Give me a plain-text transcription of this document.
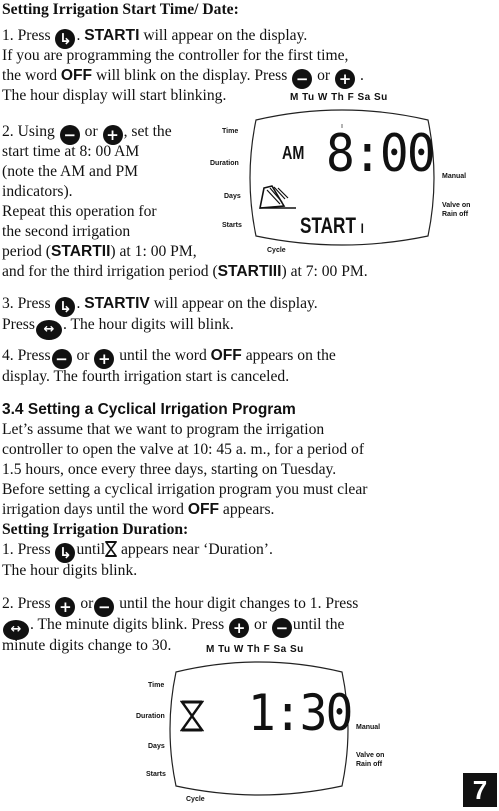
Setting Irrigation Start Time/ Date:
1. Press ↳ . STARTI will appear on the display.
If you are programming the controller for the first time,
the word OFF will blink on the display. Press − or + .
The hour display will start blinking.	M Tu W Th F Sa Su
2. Using − or + , set the
start time at 8: 00 AM
(note the AM and PM
indicators).
Repeat this operation for
the second irrigation
period (STARTII) at 1: 00 PM,
and for the third irrigation period (STARTIII) at 7: 00 PM.
Time
Duration
Days
Starts
Cycle
Manual
Valve on
Rain off
AM 8:00
START I
3. Press ↳ . STARTIV will appear on the display.
Press ↔ . The hour digits will blink.
4. Press − or + until the word OFF appears on the
display. The fourth irrigation start is canceled.
3.4 Setting a Cyclical Irrigation Program
Let’s assume that we want to program the irrigation
controller to open the valve at 10: 45 a. m., for a period of
1.5 hours, once every three days, starting on Tuesday.
Before setting a cyclical irrigation program you must clear
irrigation days until the word OFF appears.
Setting Irrigation Duration:
1. Press ↳ until appears near ‘Duration’.
The hour digits blink.
2. Press + or − until the hour digit changes to 1. Press
↔ . The minute digits blink. Press + or − until the
minute digits change to 30.	M Tu W Th F Sa Su
Time
Duration
Days
Starts
Cycle
Manual
Valve on
Rain off
1:30
7
